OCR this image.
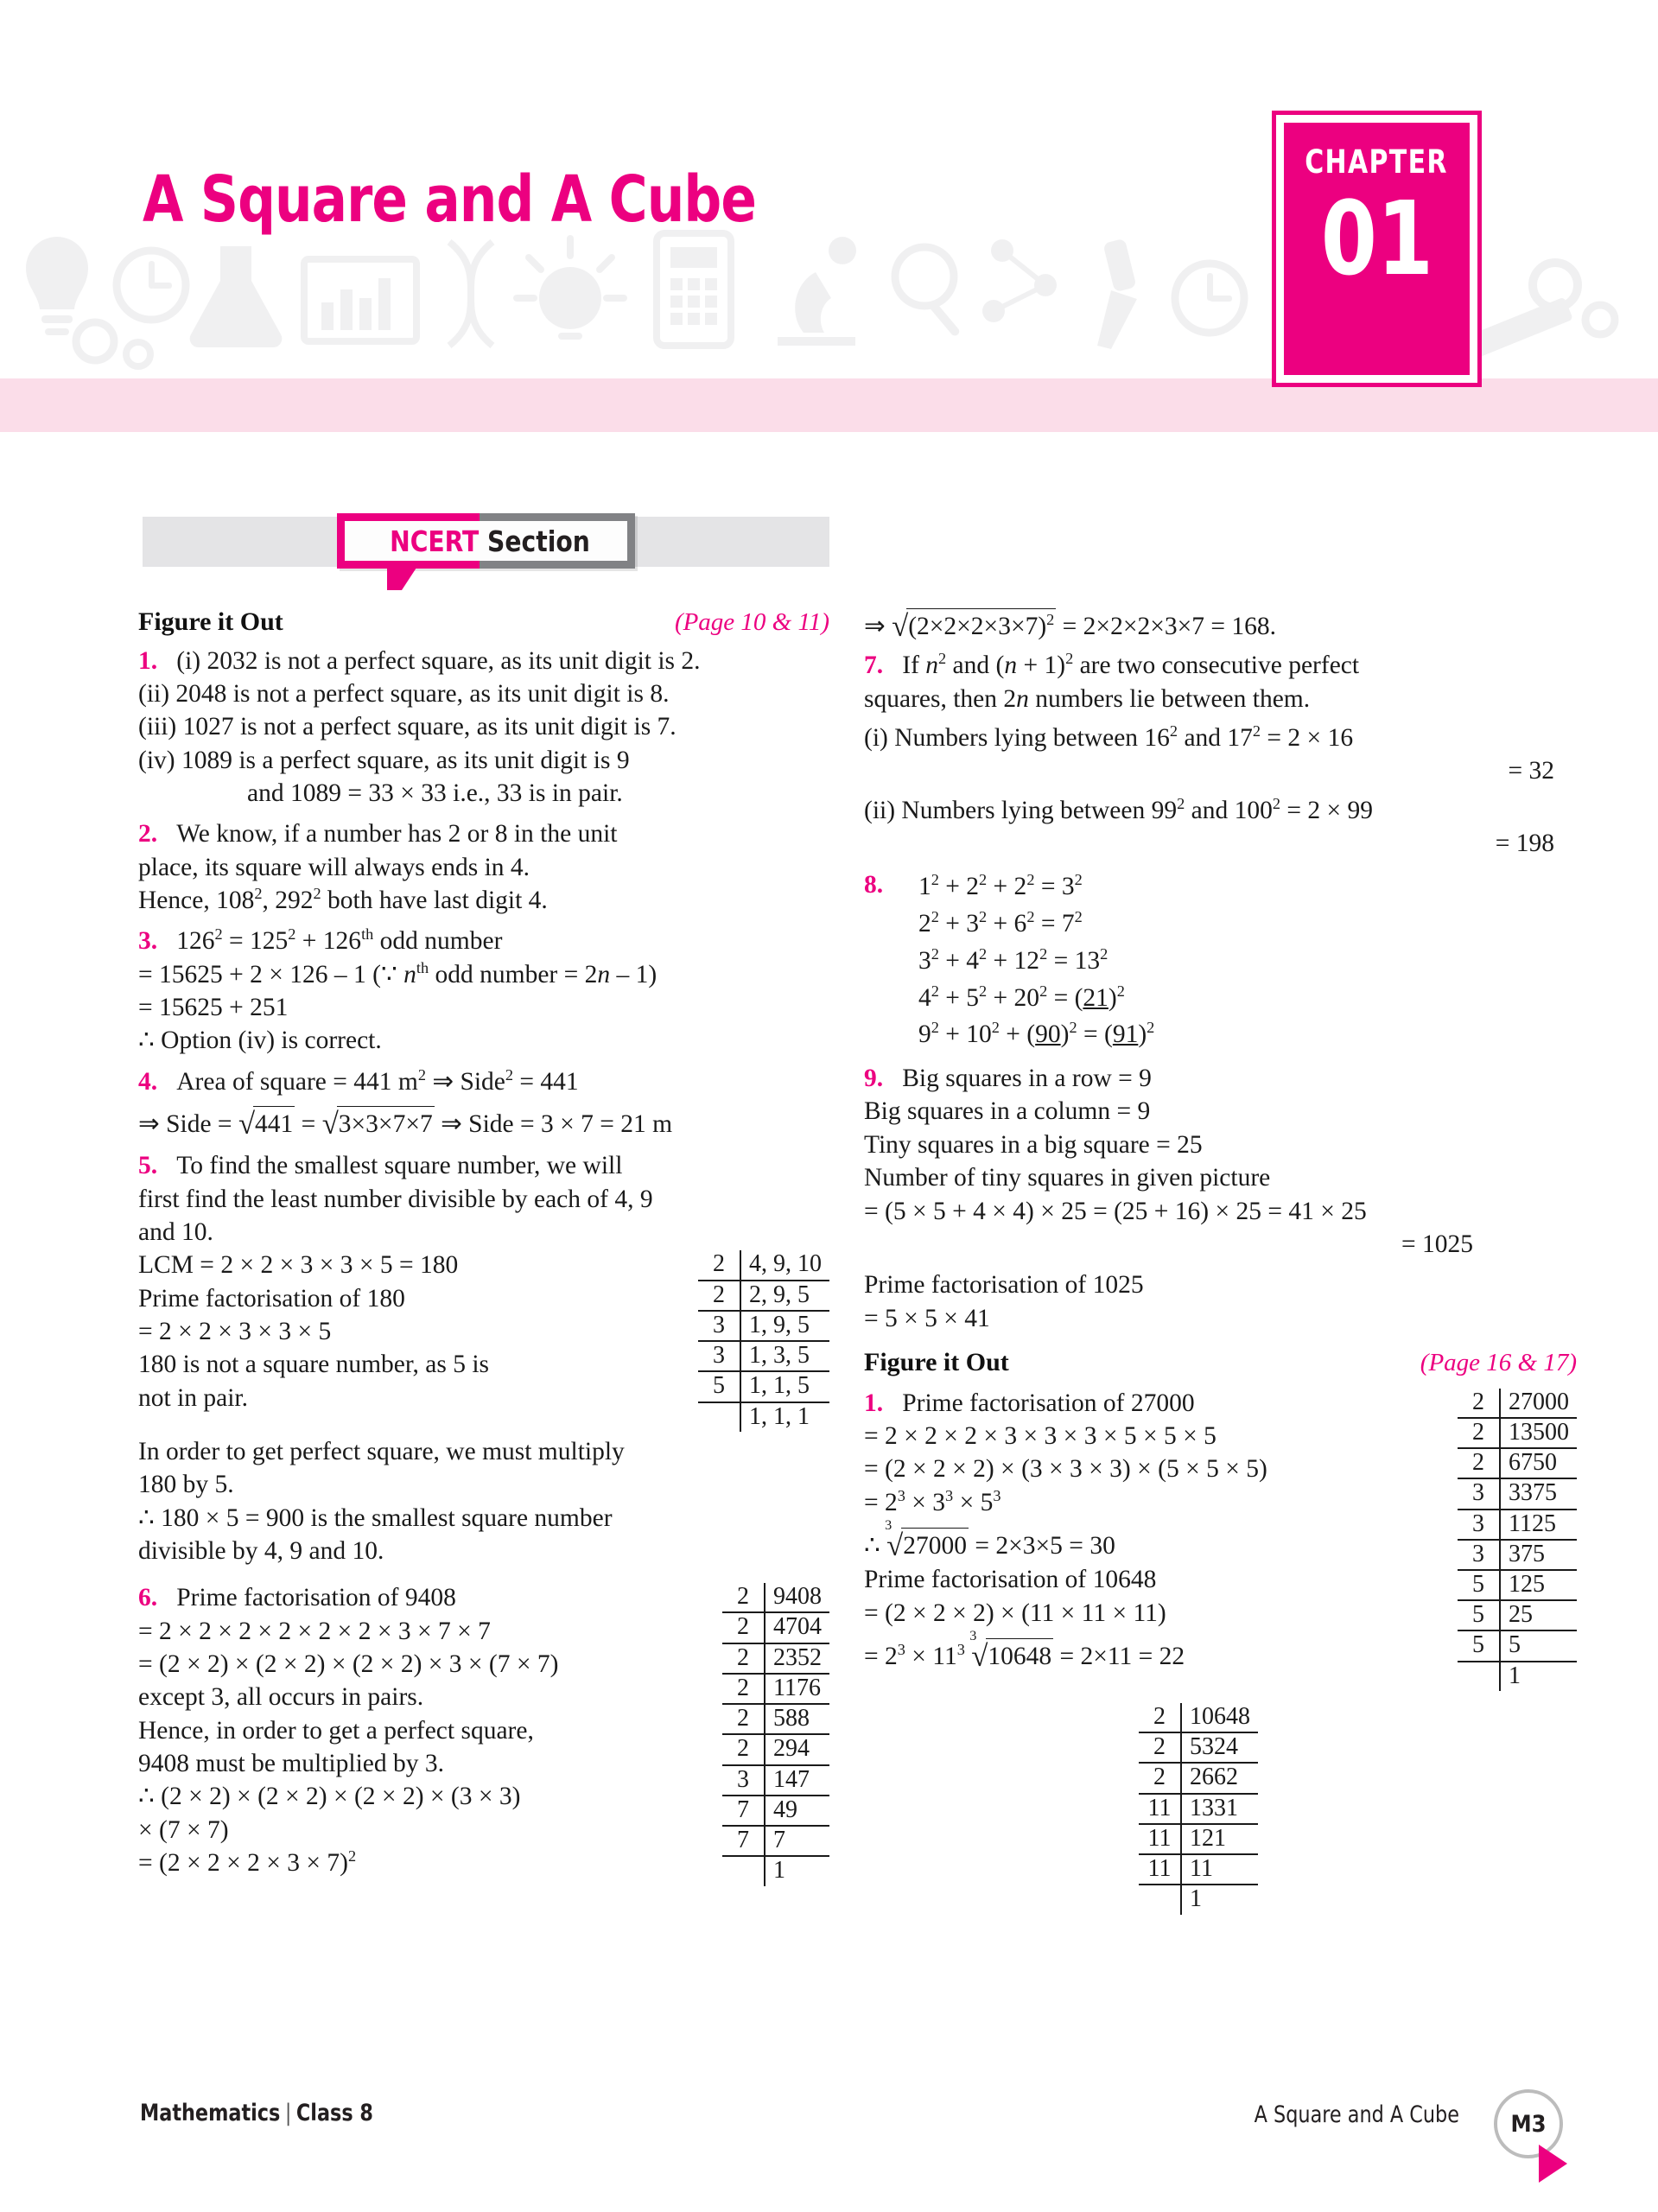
A Square and A Cube
CHAPTER
01
NCERT Section
Figure it Out	(Page 10 & 11)
1. (i) 2032 is not a perfect square, as its unit digit is 2.
(ii) 2048 is not a perfect square, as its unit digit is 8.
(iii) 1027 is not a perfect square, as its unit digit is 7.
(iv) 1089 is a perfect square, as its unit digit is 9
and 1089 = 33 × 33 i.e., 33 is in pair.
2. We know, if a number has 2 or 8 in the unit
place, its square will always ends in 4.
Hence, $108^2$, $292^2$ both have last digit 4.
3. $126^2 = 125^2 + 126th$ odd number
= 15625 + 2 × 126 – 1 (∵ $n^{th}$ odd number = 2n – 1)
= 15625 + 251
∴ Option (iv) is correct.
4. Area of square = 441 $m^2$ ⇒ Side$^2$ = 441
⇒ Side = √441 = √3×3×7×7 ⇒ Side = 3 × 7 = 21 m
5. To find the smallest square number, we will
first find the least number divisible by each of 4, 9
and 10.
2	4, 9, 10
2	2, 9, 5
3	1, 9, 5
3	1, 3, 5
5	1, 1, 5
	1, 1, 1
LCM = 2 × 2 × 3 × 3 × 5 = 180
Prime factorisation of 180
= 2 × 2 × 3 × 3 × 5
180 is not a square number, as 5 is
not in pair.
In order to get perfect square, we must multiply
180 by 5.
∴ 180 × 5 = 900 is the smallest square number
divisible by 4, 9 and 10.
2	9408
2	4704
2	2352
2	1176
2	588
2	294
3	147
7	49
7	7
	1
6. Prime factorisation of 9408
= 2 × 2 × 2 × 2 × 2 × 2 × 3 × 7 × 7
= (2 × 2) × (2 × 2) × (2 × 2) × 3 × (7 × 7)
except 3, all occurs in pairs.
Hence, in order to get a perfect square,
9408 must be multiplied by 3.
∴ (2 × 2) × (2 × 2) × (2 × 2) × (3 × 3)
× (7 × 7)
= $(2 \times 2 \times 2 \times 3 \times 7)^2$
⇒ $√(2\times 2\times 2\times 3\times 7)^2 = 2\times 2\times 2\times 3\times 7 = 168$.
7. If $n^2$ and $(n + 1)^2$ are two consecutive perfect
squares, then 2n numbers lie between them.
(i) Numbers lying between $16^2$ and $17^2 = 2 \times 16$
= 32
(ii) Numbers lying between $99^2$ and $100^2 = 2 \times 99$
= 198
8.	$1^2 + 2^2 + 2^2 = 3^2$
$2^2 + 3^2 + 6^2 = 7^2$
$3^2 + 4^2 + 12^2 = 13^2$
$4^2 + 5^2 + 20^2 = (21)^2$
$9^2 + 10^2 + (90)^2 = (91)^2$
9. Big squares in a row = 9
Big squares in a column = 9
Tiny squares in a big square = 25
Number of tiny squares in given picture
= (5 × 5 + 4 × 4) × 25 = (25 + 16) × 25 = 41 × 25
= 1025
Prime factorisation of 1025
= 5 × 5 × 41
Figure it Out	(Page 16 & 17)
2	27000
2	13500
2	6750
3	3375
3	1125
3	375
5	125
5	25
5	5
	1
1. Prime factorisation of 27000
= 2 × 2 × 2 × 3 × 3 × 3 × 5 × 5 × 5
= (2 × 2 × 2) × (3 × 3 × 3) × (5 × 5 × 5)
= $2^3 \times 3^3 \times 5^3$
∴
3
√27000 = 2×3×5 = 30
Prime factorisation of 10648
= (2 × 2 × 2) × (11 × 11 × 11)
= $2^3 \times 11^3$
3
√10648 = 2×11 = 22
2	10648
2	5324
2	2662
11	1331
11	121
11	11
	1
Mathematics | Class 8	A Square and A Cube	M3
